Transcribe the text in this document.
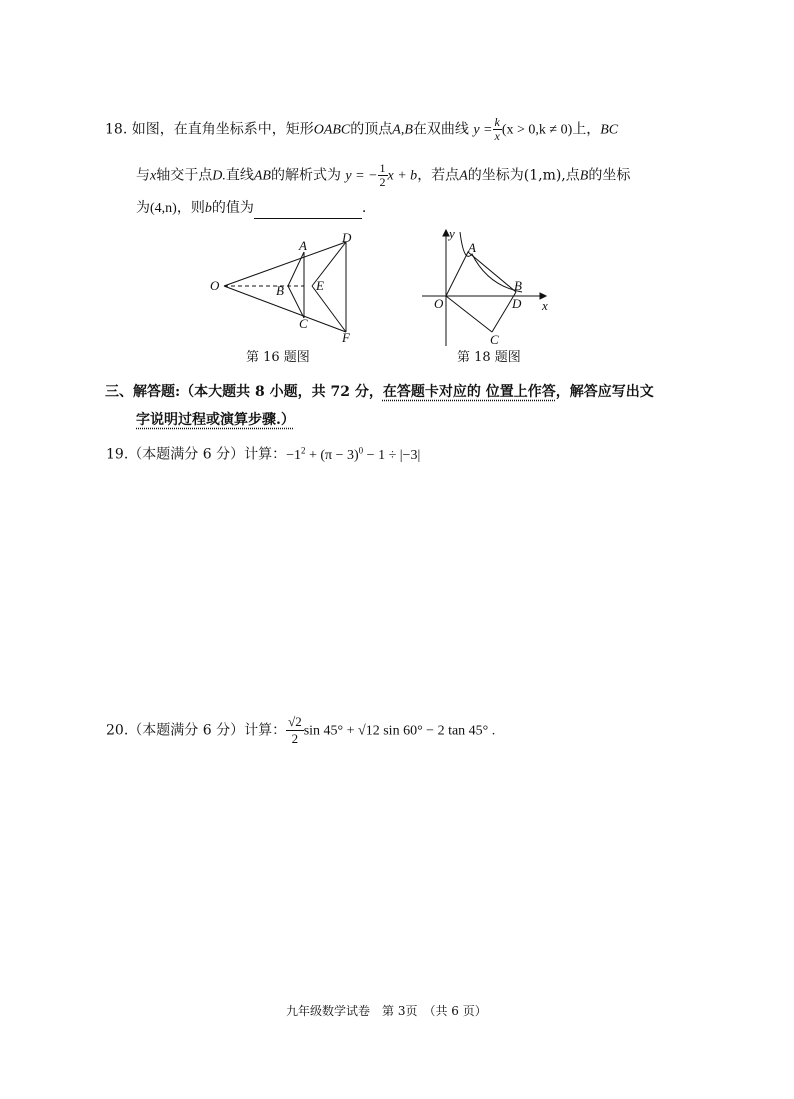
18. 如图，在直角坐标系中，矩形OABC的顶点A,B在双曲线 $y = \frac{k}{x} (x > 0,k \ne 0)$上，BC
与x轴交于点D.直线AB的解析式为 y = − $\frac{1}{2}$ x + b，若点A的坐标为(1,m),点B的坐标
为(4,n)，则b的值为	.
O
A
B
C
D
E
F
第 16 题图
y
A
B
O	D x
C
第 18 题图
三、解答题:（本大题共 8 小题，共 72 分，在答题卡对应的 位置上作答，解答应写出文
字说明过程或演算步骤.）
19.（本题满分 6 分）计算：$-1^2 + (\pi - 3)^0 - 1 \div |-3|$
20.（本题满分 6 分）计算： $\frac{√2}{2}$ sin 45° + √12 sin 60° − 2 tan 45° .
九年级数学试卷　第 3页　（共 6 页）
